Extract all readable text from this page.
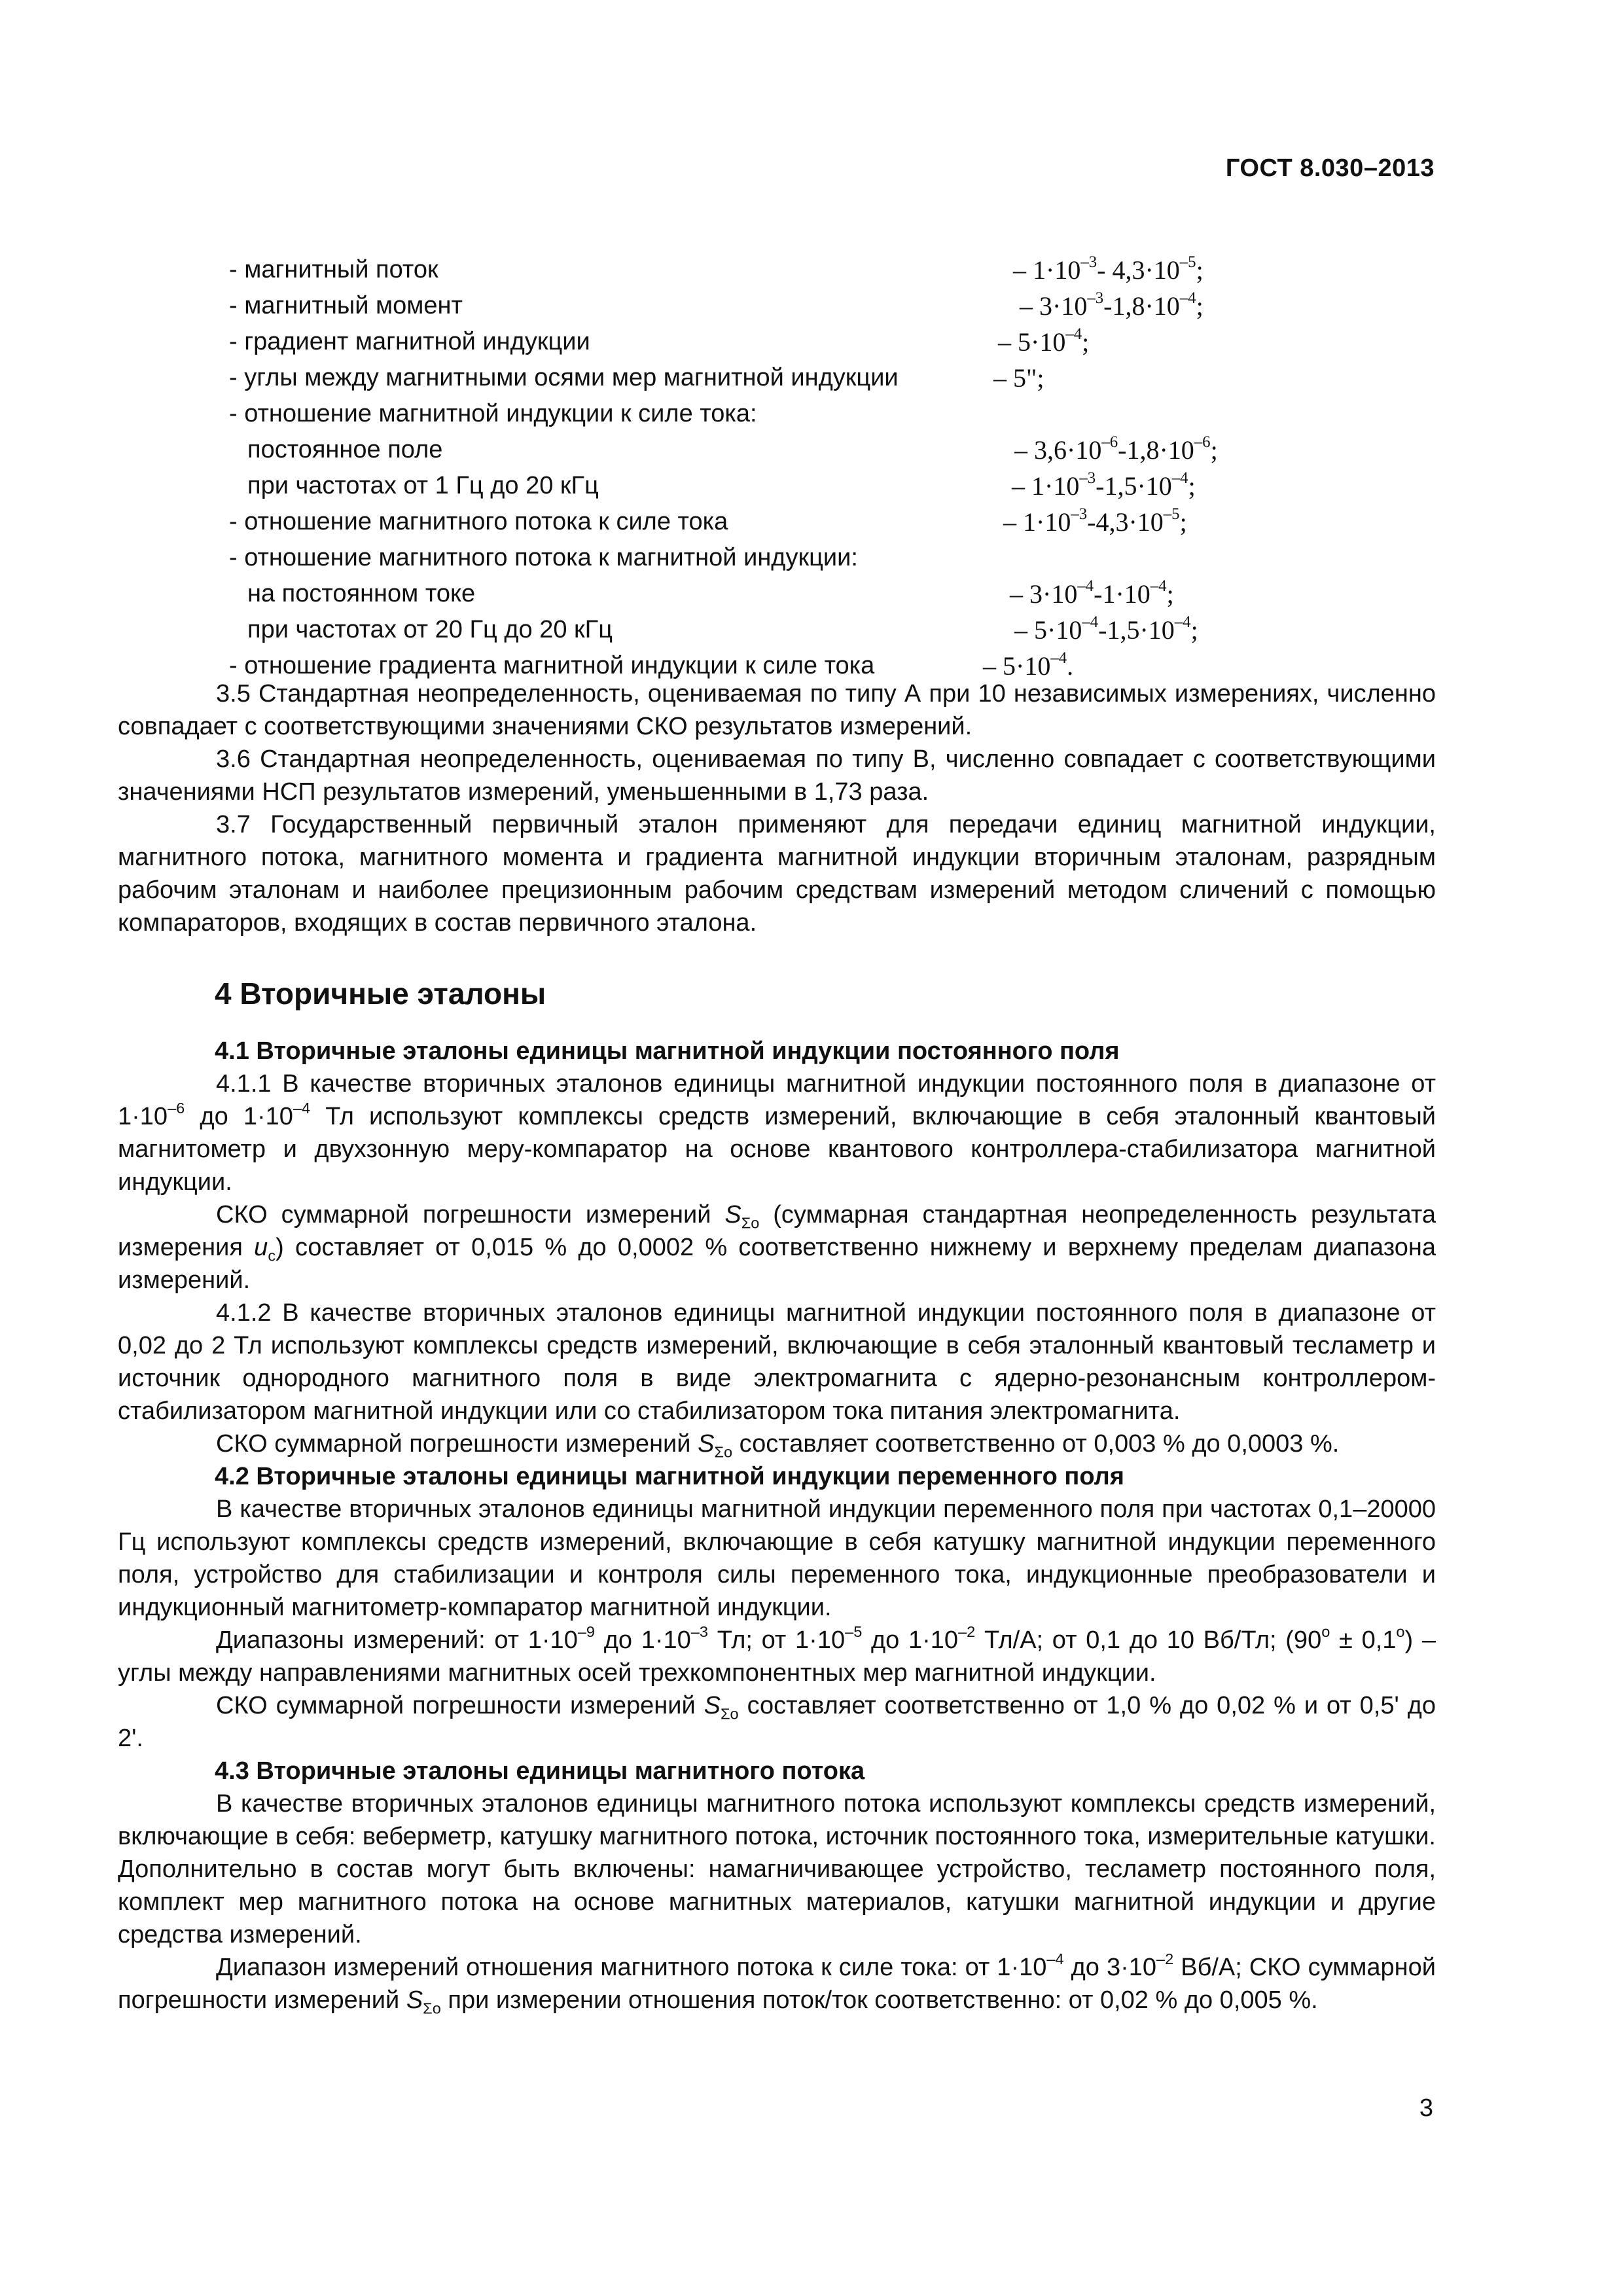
ГОСТ 8.030–2013
- магнитный поток	– $1\cdot 10^{-3}-$ $4,3\cdot 10^{-5}$;
- магнитный момент	– $3\cdot 10^{-3}-1,8\cdot 10^{-4}$;
- градиент магнитной индукции	– $5\cdot 10^{-4}$;
- углы между магнитными осями мер магнитной индукции	– 5";
- отношение магнитной индукции к силе тока:
постоянное поле	– $3,6\cdot 10^{-6}-1,8\cdot 10^{-6}$;
при частотах от 1 Гц до 20 кГц	– $1\cdot 10^{-3}-1,5\cdot 10^{-4}$;
- отношение магнитного потока к силе тока	– $1\cdot 10^{-3}-4,3\cdot 10^{-5}$;
- отношение магнитного потока к магнитной индукции:
на постоянном токе	– $3\cdot 10^{-4}-1\cdot 10^{-4}$;
при частотах от 20 Гц до 20 кГц	– $5\cdot 10^{-4}-1,5\cdot 10^{-4}$;
- отношение градиента магнитной индукции к силе тока	– $5\cdot 10^{-4}$.

3.5 Стандартная неопределенность, оцениваемая по типу А при 10 независимых измерениях, численно совпадает с соответствующими значениями СКО результатов измерений.

3.6 Стандартная неопределенность, оцениваемая по типу В, численно совпадает с соответствующими значениями НСП результатов измерений, уменьшенными в 1,73 раза.

3.7 Государственный первичный эталон применяют для передачи единиц магнитной индукции, магнитного потока, магнитного момента и градиента магнитной индукции вторичным эталонам, разрядным рабочим эталонам и наиболее прецизионным рабочим средствам измерений методом сличений с помощью компараторов, входящих в состав первичного эталона.

4 Вторичные эталоны
4.1 Вторичные эталоны единицы магнитной индукции постоянного поля

4.1.1 В качестве вторичных эталонов единицы магнитной индукции постоянного поля в диапазоне от $1\cdot 10^{-6}$ до $1\cdot 10^{-4}$ Тл используют комплексы средств измерений, включающие в себя эталонный квантовый магнитометр и двухзонную меру-компаратор на основе квантового контроллера-стабилизатора магнитной индукции.

СКО суммарной погрешности измерений $S_{\Sigma о}$ (суммарная стандартная неопределенность результата измерения $u_c$) составляет от 0,015 % до 0,0002 % соответственно нижнему и верхнему пределам диапазона измерений.

4.1.2 В качестве вторичных эталонов единицы магнитной индукции постоянного поля в диапазоне от 0,02 до 2 Тл используют комплексы средств измерений, включающие в себя эталонный квантовый тесламетр и источник однородного магнитного поля в виде электромагнита с ядерно-резонансным контроллером-стабилизатором магнитной индукции или со стабилизатором тока питания электромагнита.

СКО суммарной погрешности измерений $S_{\Sigma о}$ составляет соответственно от 0,003 % до 0,0003 %.

4.2 Вторичные эталоны единицы магнитной индукции переменного поля

В качестве вторичных эталонов единицы магнитной индукции переменного поля при частотах 0,1–20000 Гц используют комплексы средств измерений, включающие в себя катушку магнитной индукции переменного поля, устройство для стабилизации и контроля силы переменного тока, индукционные преобразователи и индукционный магнитометр-компаратор магнитной индукции.

Диапазоны измерений: от $1\cdot 10^{-9}$ до $1\cdot 10^{-3}$ Тл; от $1\cdot 10^{-5}$ до $1\cdot 10^{-2}$ Тл/А; от 0,1 до 10 Вб/Тл; $(90^о \pm 0,1^о)$ – углы между направлениями магнитных осей трехкомпонентных мер магнитной индукции.

СКО суммарной погрешности измерений $S_{\Sigma о}$ составляет соответственно от 1,0 % до 0,02 % и от 0,5' до 2'.

4.3 Вторичные эталоны единицы магнитного потока

В качестве вторичных эталонов единицы магнитного потока используют комплексы средств измерений, включающие в себя: веберметр, катушку магнитного потока, источник постоянного тока, измерительные катушки. Дополнительно в состав могут быть включены: намагничивающее устройство, тесламетр постоянного поля, комплект мер магнитного потока на основе магнитных материалов, катушки магнитной индукции и другие средства измерений.

Диапазон измерений отношения магнитного потока к силе тока: от $1\cdot 10^{-4}$ до $3\cdot 10^{-2}$ Вб/А; СКО суммарной погрешности измерений $S_{\Sigma о}$ при измерении отношения поток/ток соответственно: от 0,02 % до 0,005 %.

3
